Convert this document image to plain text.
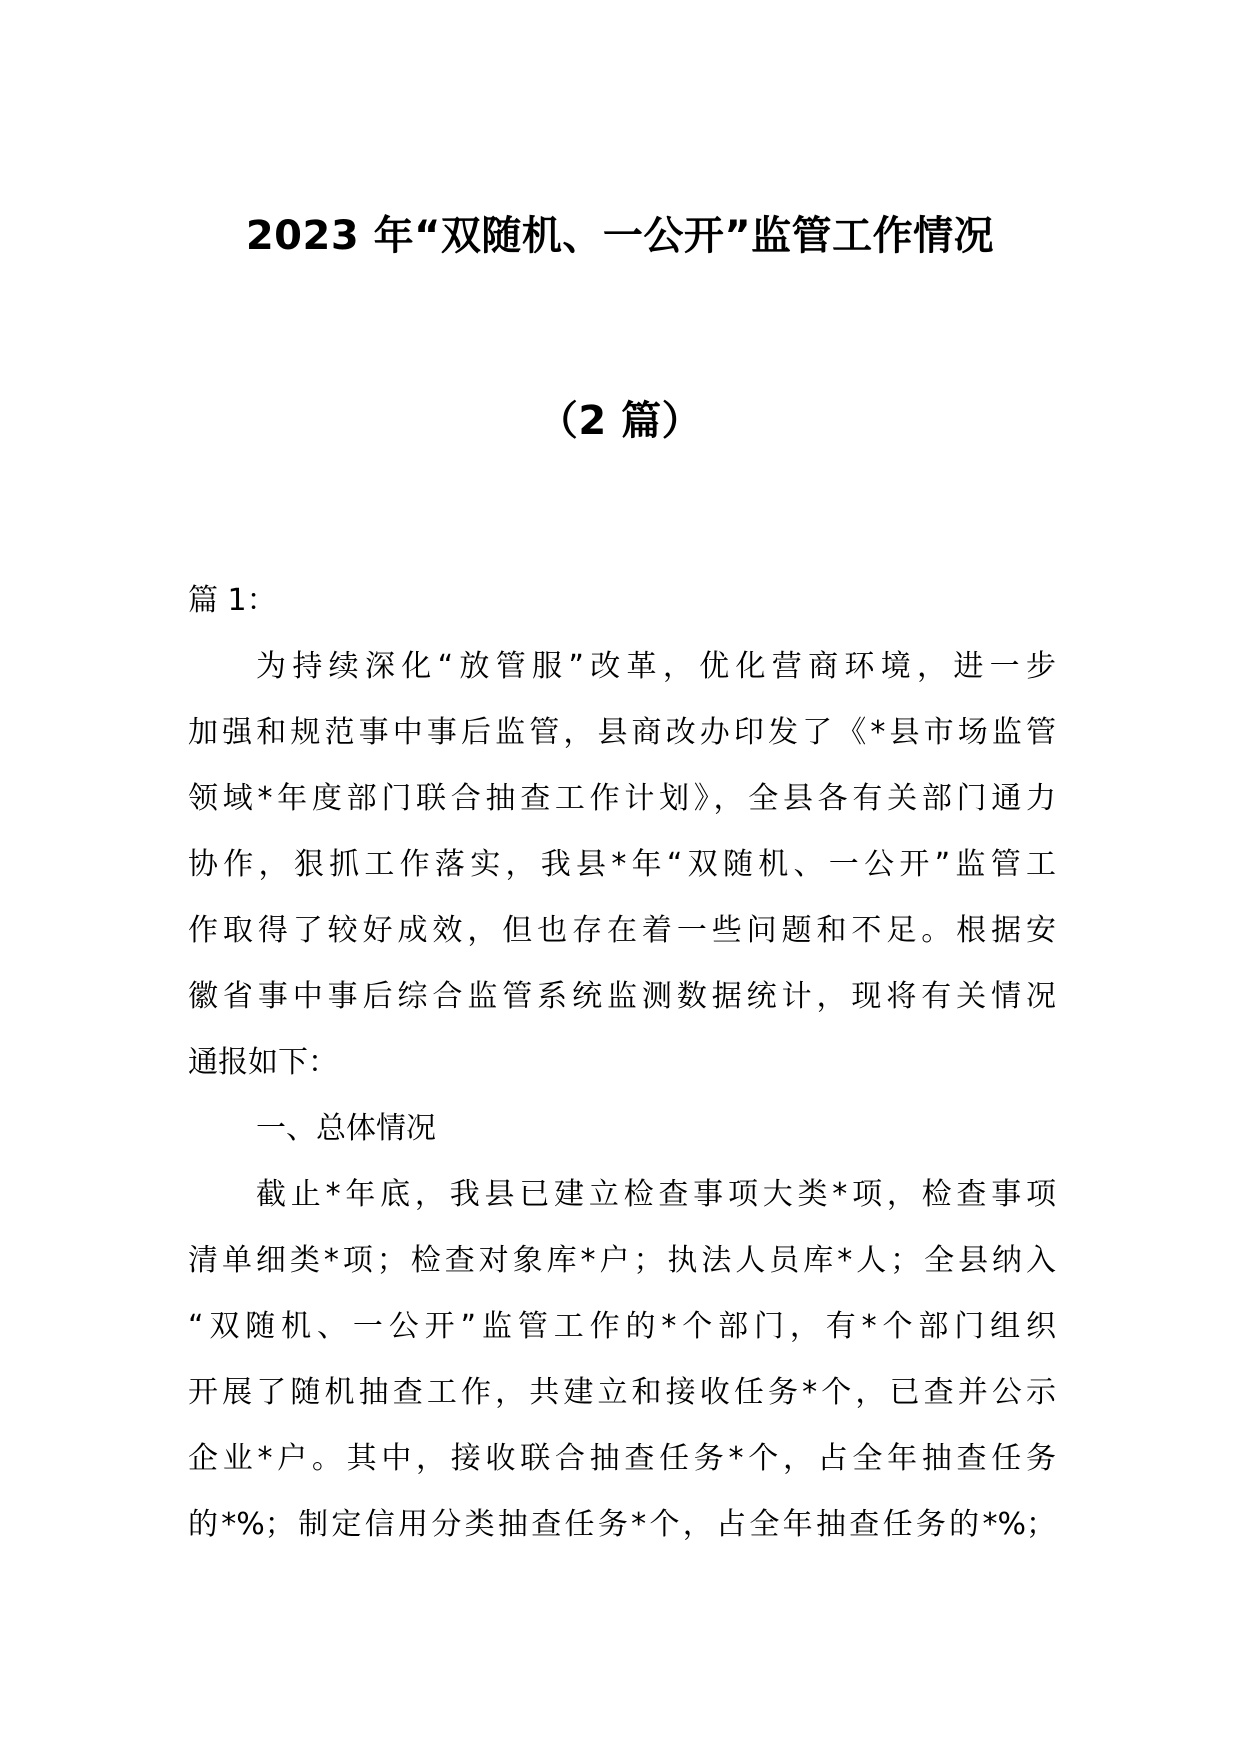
2023 年“双随机、一公开”监管工作情况
（2 篇）
篇 1：
为持续深化“放管服”改革，优化营商环境，进一步
加强和规范事中事后监管，县商改办印发了《*县市场监管
领域*年度部门联合抽查工作计划》，全县各有关部门通力
协作，狠抓工作落实，我县*年“双随机、一公开”监管工
作取得了较好成效，但也存在着一些问题和不足。根据安
徽省事中事后综合监管系统监测数据统计，现将有关情况
通报如下：
一、总体情况
截止*年底，我县已建立检查事项大类*项，检查事项
清单细类*项；检查对象库*户；执法人员库*人；全县纳入
“双随机、一公开”监管工作的*个部门，有*个部门组织
开展了随机抽查工作，共建立和接收任务*个，已查并公示
企业*户。其中，接收联合抽查任务*个，占全年抽查任务
的*%；制定信用分类抽查任务*个，占全年抽查任务的*%；
